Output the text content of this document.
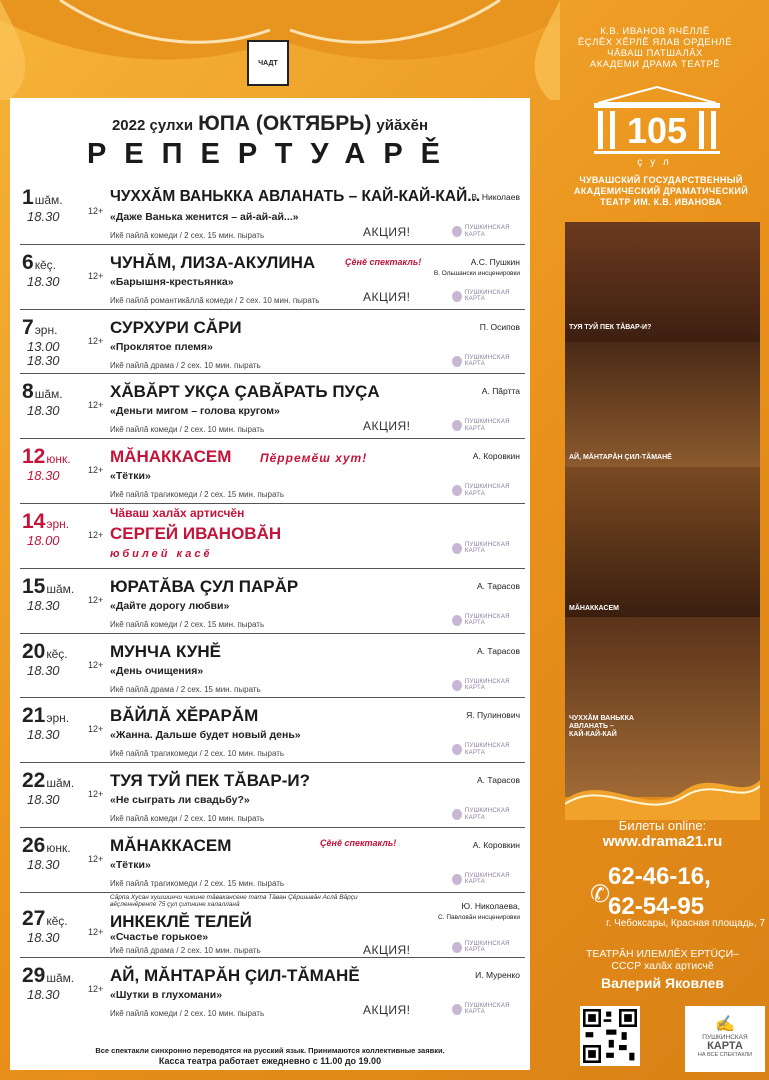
ЧАДТ
2022 çулхи ЮПА (ОКТЯБРЬ) уйăхĕн
РЕПЕРТУАРĚ
1шăм.
18.30	12+
ЧУХХĂМ ВАНЬККА АВЛАНАТЬ – КАЙ-КАЙ-КАЙ...
«Даже Ванька женится – ай-ай-ай...»
Икĕ пайлă комеди / 2 сех. 15 мин. пырать
В. Николаев
АКЦИЯ!	ПУШКИНСКАЯ КАРТА
6кĕç.
18.30	12+
ЧУНĂМ, ЛИЗА-АКУЛИНА	Çĕнĕ спектакль!
«Барышня-крестьянка»
Икĕ пайлă романтикăллă комеди / 2 сех. 10 мин. пырать
А.С. Пушкин
В. Ольшански инсценировки
АКЦИЯ!	ПУШКИНСКАЯ КАРТА
7эрн.
13.00
18.30
12+
СУРХУРИ СĂРИ
«Проклятое племя»
Икĕ пайлă драма / 2 сех. 10 мин. пырать
П. Осипов
ПУШКИНСКАЯ КАРТА
8шăм.
18.30	12+
ХĂВĂРТ УКÇА ÇАВĂРАТЬ ПУÇА
«Деньги мигом – голова кругом»
Икĕ пайлă комеди / 2 сех. 10 мин. пырать
А. Пăртта
АКЦИЯ!	ПУШКИНСКАЯ КАРТА
12юнк.
18.30	12+
МĂНАККАСЕМ Пĕрремĕш хут!
«Тётки»
Икĕ пайлă трагикомеди / 2 сех. 15 мин. пырать
А. Коровкин
ПУШКИНСКАЯ КАРТА
14эрн.
18.00	12+
Чăваш халăх артисчĕн
СЕРГЕЙ ИВАНОВĂН
юбилей касĕ
ПУШКИНСКАЯ КАРТА
15шăм.
18.30	12+
ЮРАТĂВА ÇУЛ ПАРĂР
«Дайте дорогу любви»
Икĕ пайлă комеди / 2 сех. 15 мин. пырать
А. Тарасов
ПУШКИНСКАЯ КАРТА
20кĕç.
18.30	12+
МУНЧА КУНĔ
«День очищения»
Икĕ пайлă драма / 2 сех. 15 мин. пырать
А. Тарасов
ПУШКИНСКАЯ КАРТА
21эрн.
18.30	12+
ВĂЙЛĂ ХĔРАРĂМ
«Жанна. Дальше будет новый день»
Икĕ пайлă трагикомеди / 2 сех. 10 мин. пырать
Я. Пулинович
ПУШКИНСКАЯ КАРТА
22шăм.
18.30	12+
ТУЯ ТУЙ ПЕК ТĂВАР-И?
«Не сыграть ли свадьбу?»
Икĕ пайлă комеди / 2 сех. 10 мин. пырать
А. Тарасов
ПУШКИНСКАЯ КАРТА
26юнк.
18.30	12+
МĂНАККАСЕМ	Çĕнĕ спектакль!
«Тётки»
Икĕ пайлă трагикомеди / 2 сех. 15 мин. пырать
А. Коровкин
ПУШКИНСКАЯ КАРТА
Сăрпа Хусан хушшинчи чикине тăвакансене тата Тăван Çĕршывăн Аслă Вăрçи вĕçленнĕренпе 75 çул çитнине халалланă
27кĕç.
18.30	12+
ИНКЕКЛĔ ТЕЛЕЙ
«Счастье горькое»
Икĕ пайлă драма / 2 сех. 10 мин. пырать
Ю. Николаева,
С. Павловăн инсценировки
АКЦИЯ!	ПУШКИНСКАЯ КАРТА
29шăм.
18.30	12+
АЙ, МĂНТАРĂН ÇИЛ-ТĂМАНĔ
«Шутки в глухомани»
Икĕ пайлă комеди / 2 сех. 10 мин. пырать
И. Муренко
АКЦИЯ!	ПУШКИНСКАЯ КАРТА
Все спектакли синхронно переводятся на русский язык. Принимаются коллективные заявки.
Касса театра работает ежедневно с 11.00 до 19.00
К.В. ИВАНОВ ЯЧĔЛЛĔ
ĔÇЛĔХ ХĔРЛĔ ЯЛАВ ОРДЕНЛĔ
ЧĂВАШ ПАТШАЛĂХ
АКАДЕМИ ДРАМА ТЕАТРĔ
105
çул
ЧУВАШСКИЙ ГОСУДАРСТВЕННЫЙ
АКАДЕМИЧЕСКИЙ ДРАМАТИЧЕСКИЙ
ТЕАТР ИМ. К.В. ИВАНОВА
ТУЯ ТУЙ ПЕК ТĂВАР-И?
АЙ, МĂНТАРĂН ÇИЛ-ТĂМАНĔ
МĂНАККАСЕМ
ЧУХХĂМ ВАНЬККА
АВЛАНАТЬ –
КАЙ-КАЙ-КАЙ
Билеты online:
www.drama21.ru
✆
62-46-16,
62-54-95
г. Чебоксары, Красная площадь, 7
ТЕАТРĂН ИЛЕМЛĔХ ЕРТÜÇИ–
СССР халăх артисчĕ
Валерий Яковлев
✍
ПУШКИНСКАЯ
КАРТА
НА ВСЕ СПЕКТАКЛИ
